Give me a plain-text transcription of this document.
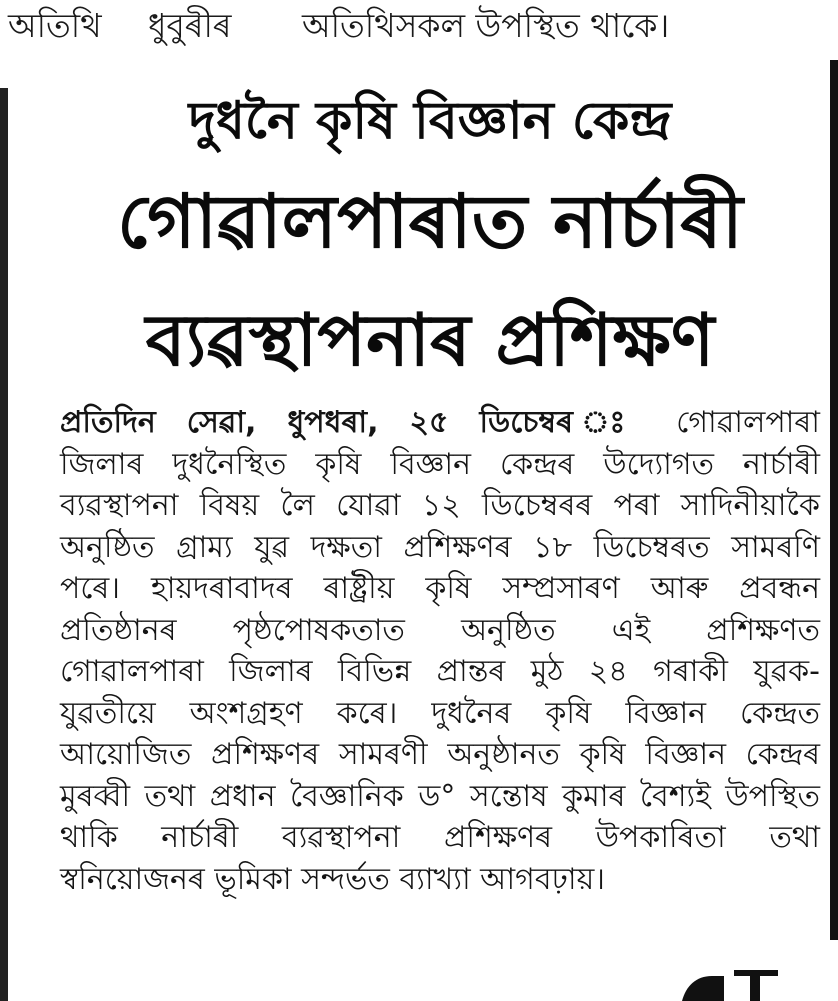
অতিথি ধুবুৰীৰ অতিথিসকল উপস্থিত থাকে।
দুধনৈ কৃষি বিজ্ঞান কেন্দ্ৰ
গোৱালপাৰাত নাৰ্চাৰী
ব্যৱস্থাপনাৰ প্ৰশিক্ষণ
প্ৰতিদিন সেৱা, ধুপধৰা, ২৫ ডিচেম্বৰ ঃ গোৱালপাৰা
জিলাৰ দুধনৈস্থিত কৃষি বিজ্ঞান কেন্দ্ৰৰ উদ্যোগত নাৰ্চাৰী
ব্যৱস্থাপনা বিষয় লৈ যোৱা ১২ ডিচেম্বৰৰ পৰা সাদিনীয়াকৈ
অনুষ্ঠিত গ্ৰাম্য যুৱ দক্ষতা প্ৰশিক্ষণৰ ১৮ ডিচেম্বৰত সামৰণি
পৰে। হায়দৰাবাদৰ ৰাষ্ট্ৰীয় কৃষি সম্প্ৰসাৰণ আৰু প্ৰবন্ধন
প্ৰতিষ্ঠানৰ পৃষ্ঠপোষকতাত অনুষ্ঠিত এই প্ৰশিক্ষণত
গোৱালপাৰা জিলাৰ বিভিন্ন প্ৰান্তৰ মুঠ ২৪ গৰাকী যুৱক-
যুৱতীয়ে অংশগ্ৰহণ কৰে। দুধনৈৰ কৃষি বিজ্ঞান কেন্দ্ৰত
আয়োজিত প্ৰশিক্ষণৰ সামৰণী অনুষ্ঠানত কৃষি বিজ্ঞান কেন্দ্ৰৰ
মুৰব্বী তথা প্ৰধান বৈজ্ঞানিক ড° সন্তোষ কুমাৰ বৈশ্যই উপস্থিত
থাকি নাৰ্চাৰী ব্যৱস্থাপনা প্ৰশিক্ষণৰ উপকাৰিতা তথা
স্বনিয়োজনৰ ভূমিকা সন্দৰ্ভত ব্যাখ্যা আগবঢ়ায়।
